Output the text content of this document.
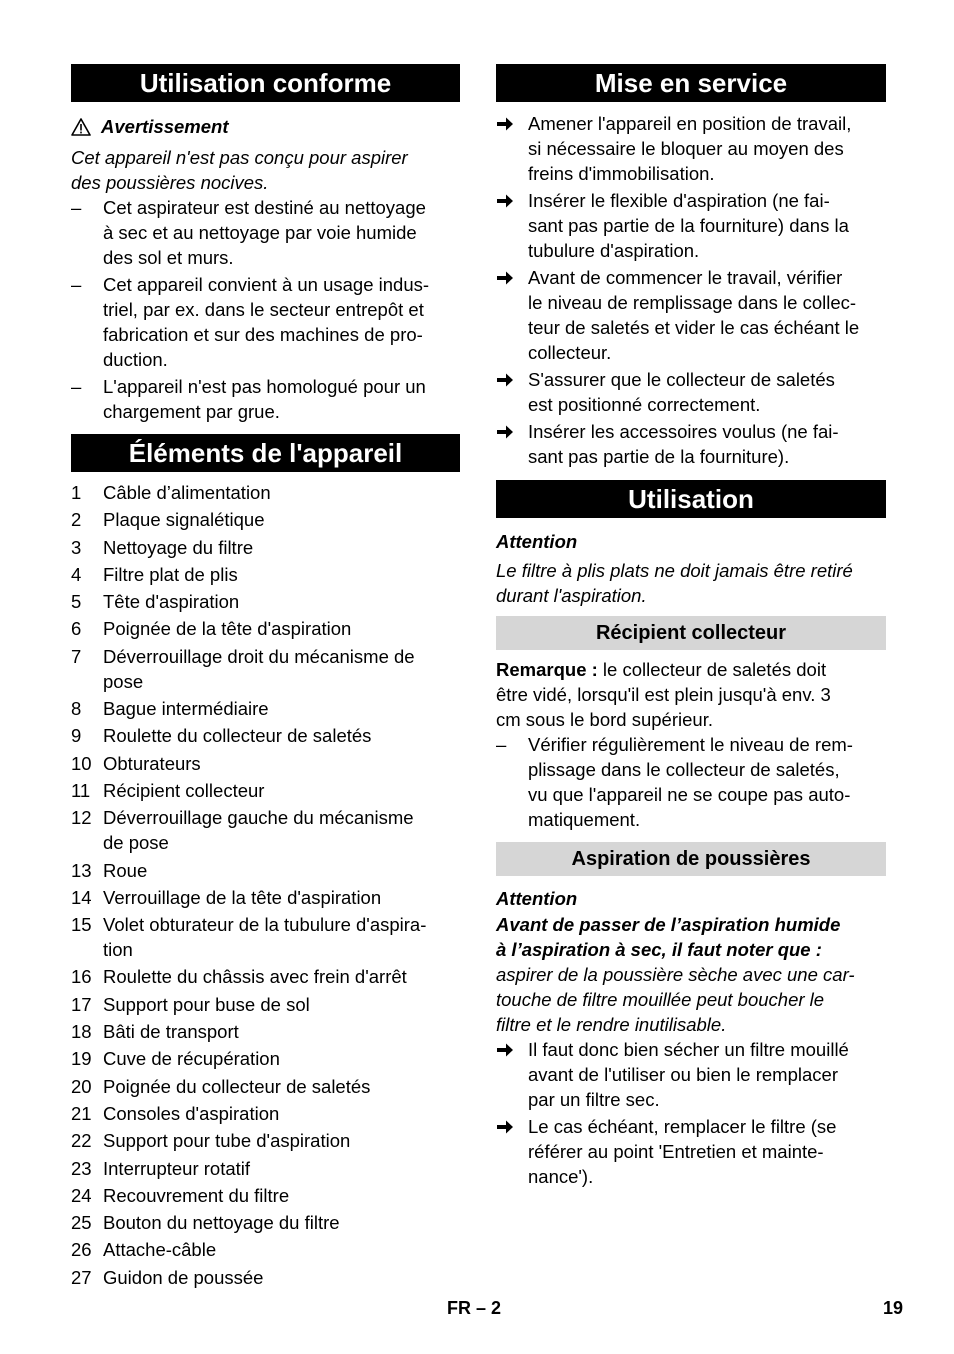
Utilisation conforme
Avertissement
Cet appareil n'est pas conçu pour aspirer
des poussières nocives.
–	Cet aspirateur est destiné au nettoyage
à sec et au nettoyage par voie humide
des sol et murs.
–	Cet appareil convient à un usage indus-
triel, par ex. dans le secteur entrepôt et
fabrication et sur des machines de pro-
duction.
–	L'appareil n'est pas homologué pour un
chargement par grue.
Éléments de l'appareil
1	Câble d’alimentation
2	Plaque signalétique
3	Nettoyage du filtre
4	Filtre plat de plis
5	Tête d'aspiration
6	Poignée de la tête d'aspiration
7	Déverrouillage droit du mécanisme de
pose
8	Bague intermédiaire
9	Roulette du collecteur de saletés
10 Obturateurs
11 Récipient collecteur
12 Déverrouillage gauche du mécanisme
de pose
13 Roue
14 Verrouillage de la tête d'aspiration
15 Volet obturateur de la tubulure d'aspira-
tion
16 Roulette du châssis avec frein d'arrêt
17 Support pour buse de sol
18 Bâti de transport
19 Cuve de récupération
20 Poignée du collecteur de saletés
21 Consoles d'aspiration
22 Support pour tube d'aspiration
23 Interrupteur rotatif
24 Recouvrement du filtre
25 Bouton du nettoyage du filtre
26 Attache-câble
27 Guidon de poussée
Mise en service
Amener l'appareil en position de travail,
si nécessaire le bloquer au moyen des
freins d'immobilisation.
Insérer le flexible d'aspiration (ne fai-
sant pas partie de la fourniture) dans la
tubulure d'aspiration.
Avant de commencer le travail, vérifier
le niveau de remplissage dans le collec-
teur de saletés et vider le cas échéant le
collecteur.
S'assurer que le collecteur de saletés
est positionné correctement.
Insérer les accessoires voulus (ne fai-
sant pas partie de la fourniture).
Utilisation
Attention
Le filtre à plis plats ne doit jamais être retiré
durant l'aspiration.
Récipient collecteur
Remarque : le collecteur de saletés doit
être vidé, lorsqu'il est plein jusqu'à env. 3
cm sous le bord supérieur.
–	Vérifier régulièrement le niveau de rem-
plissage dans le collecteur de saletés,
vu que l'appareil ne se coupe pas auto-
matiquement.
Aspiration de poussières
Attention
Avant de passer de l’aspiration humide
à l’aspiration à sec, il faut noter que :
aspirer de la poussière sèche avec une car-
touche de filtre mouillée peut boucher le
filtre et le rendre inutilisable.
Il faut donc bien sécher un filtre mouillé
avant de l'utiliser ou bien le remplacer
par un filtre sec.
Le cas échéant, remplacer le filtre (se
référer au point 'Entretien et mainte-
nance').
FR – 2	19
